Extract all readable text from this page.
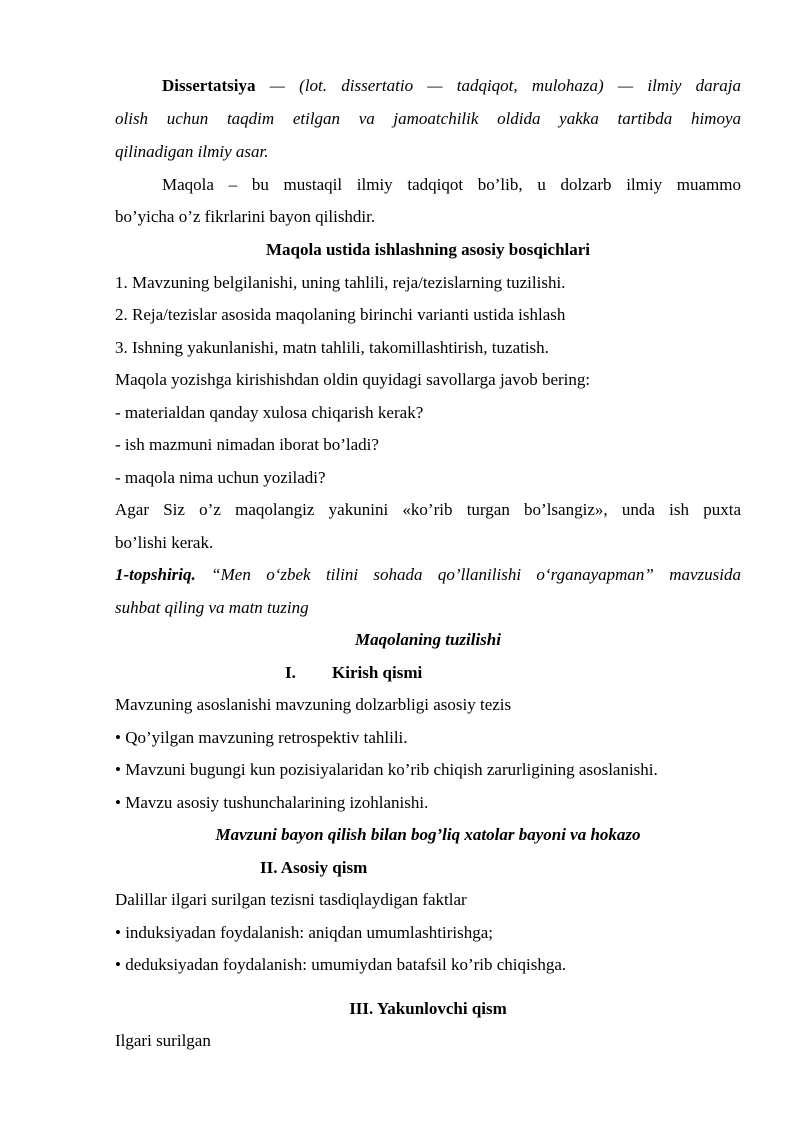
Dissertatsiya — (lot. dissertatio — tadqiqot, mulohaza) — ilmiy daraja
olish uchun taqdim etilgan va jamoatchilik oldida yakka tartibda himoya
qilinadigan ilmiy asar.
Maqola – bu mustaqil ilmiy tadqiqot bo’lib, u dolzarb ilmiy muammo
bo’yicha o’z fikrlarini bayon qilishdir.
Maqola ustida ishlashning asosiy bosqichlari
1. Mavzuning belgilanishi, uning tahlili, reja/tezislarning tuzilishi.
2. Reja/tezislar asosida maqolaning birinchi varianti ustida ishlash
3. Ishning yakunlanishi, matn tahlili, takomillashtirish, tuzatish.
Maqola yozishga kirishishdan oldin quyidagi savollarga javob bering:
- materialdan qanday xulosa chiqarish kerak?
- ish mazmuni nimadan iborat bo’ladi?
- maqola nima uchun yoziladi?
Agar Siz o’z maqolangiz yakunini «ko’rib turgan bo’lsangiz», unda ish puxta
bo’lishi kerak.
1-topshiriq. “Men o‘zbek tilini sohada qo’llanilishi o‘rganayapman” mavzusida
suhbat qiling va matn tuzing
Maqolaning tuzilishi
I. Kirish qismi
Mavzuning asoslanishi mavzuning dolzarbligi asosiy tezis
• Qo’yilgan mavzuning retrospektiv tahlili.
• Mavzuni bugungi kun pozisiyalaridan ko’rib chiqish zarurligining asoslanishi.
• Mavzu asosiy tushunchalarining izohlanishi.
Mavzuni bayon qilish bilan bog’liq xatolar bayoni va hokazo
II. Asosiy qism
Dalillar ilgari surilgan tezisni tasdiqlaydigan faktlar
• induksiyadan foydalanish: aniqdan umumlashtirishga;
• deduksiyadan foydalanish: umumiydan batafsil ko’rib chiqishga.
III. Yakunlovchi qism
Ilgari surilgan
